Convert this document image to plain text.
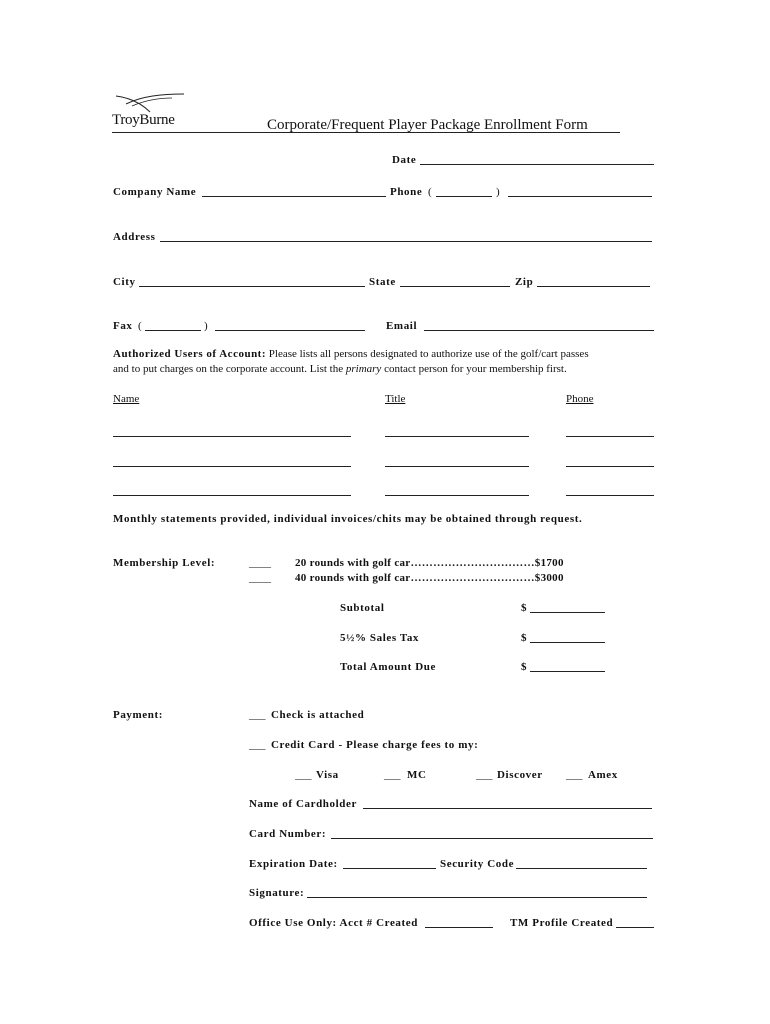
TroyBurne	Corporate/Frequent Player Package Enrollment Form
Date
Company Name	Phone (	)
Address
City	State	Zip
Fax (	)	Email
Authorized Users of Account: Please lists all persons designated to authorize use of the golf/cart passes
and to put charges on the corporate account. List the primary contact person for your membership first.
Name	Title	Phone
Monthly statements provided, individual invoices/chits may be obtained through request.
Membership Level:	____ 20 rounds with golf car……………………………$1700
____ 40 rounds with golf car……………………………$3000
Subtotal	$
5½% Sales Tax	$
Total Amount Due	$
Payment:	___ Check is attached
___ Credit Card - Please charge fees to my:
___ Visa	___ MC	___ Discover ___ Amex
Name of Cardholder
Card Number:
Expiration Date:	Security Code
Signature:
Office Use Only: Acct # Created	TM Profile Created
